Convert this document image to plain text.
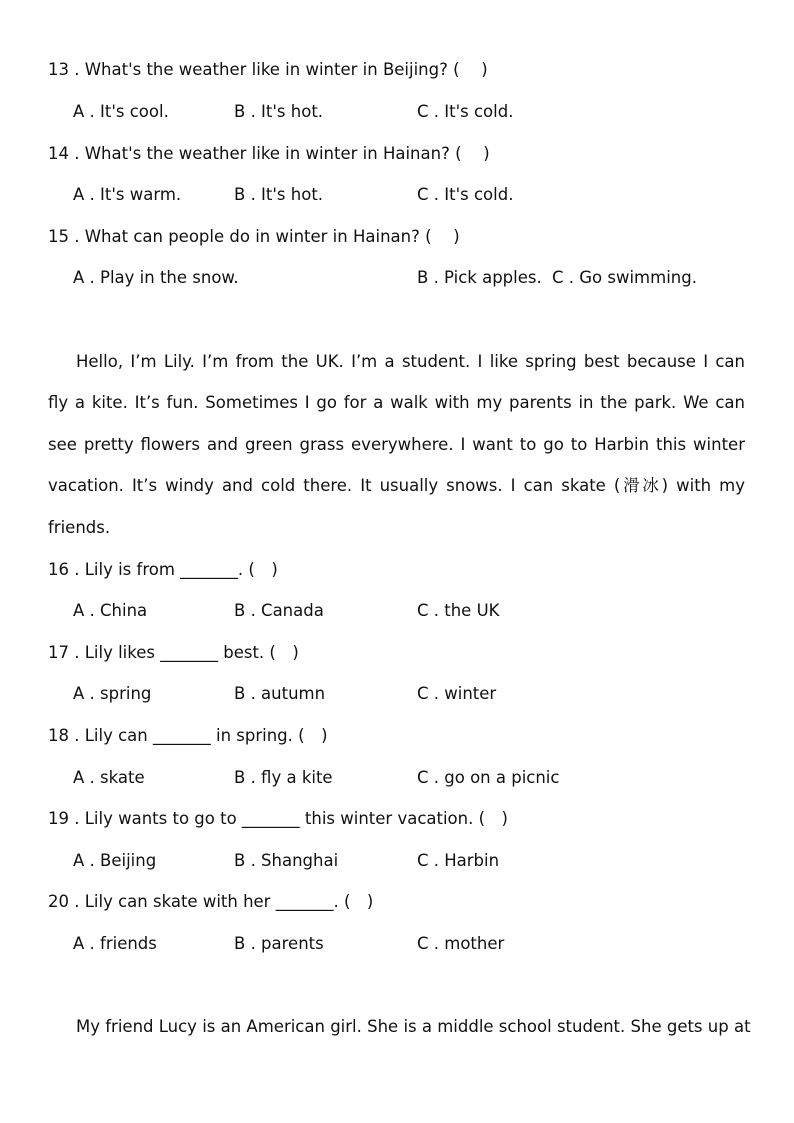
13 . What's the weather like in winter in Beijing? (　 )
A . It's cool.	B . It's hot.	C . It's cold.
14 . What's the weather like in winter in Hainan? (　 )
A . It's warm.	B . It's hot.	C . It's cold.
15 . What can people do in winter in Hainan? (　 )
A . Play in the snow.	B . Pick apples. C . Go swimming.
Hello, I’m Lily. I’m from the UK. I’m a student. I like spring best because I can
fly a kite. It’s fun. Sometimes I go for a walk with my parents in the park. We can
see pretty flowers and green grass everywhere. I want to go to Harbin this winter
vacation. It’s windy and cold there. It usually snows. I can skate (滑冰) with my
friends.
16 . Lily is from _______. (　)
A . China	B . Canada	C . the UK
17 . Lily likes _______ best. (　)
A . spring	B . autumn	C . winter
18 . Lily can _______ in spring. (　)
A . skate	B . fly a kite	C . go on a picnic
19 . Lily wants to go to _______ this winter vacation. (　)
A . Beijing	B . Shanghai	C . Harbin
20 . Lily can skate with her _______. (　)
A . friends	B . parents	C . mother
My friend Lucy is an American girl. She is a middle school student. She gets up at
